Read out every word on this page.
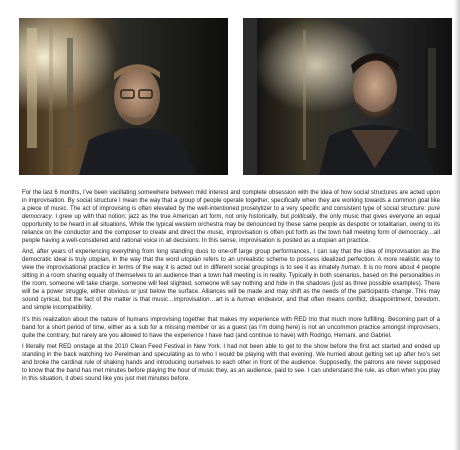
For the last 6 months, I’ve been vacillating somewhere between mild interest and complete obsession with the idea of how social structures are acted upon in improvisation. By social structure I mean the way that a group of people operate together, specifically when they are working towards a common goal like a piece of music. The act of improvising is often elevated by the well-intentioned proselytizer to a very specific and consistent type of social structure: pure democracy. I grew up with that notion; jazz as the true American art form, not only historically, but politically, the only music that gives everyone an equal opportunity to be heard in all situations. While the typical western orchestra may be denounced by these same people as despotic or totalitarian, owing to its reliance on the conductor and the composer to create and direct the music, improvisation is often put forth as the town hall meeting form of democracy…all people having a well-considered and rational voice in all decisions. In this sense, improvisation is posited as a utopian art practice.

And, after years of experiencing everything from long standing duos to one-off large group performances, I can say that the idea of improvisation as the democratic ideal is truly utopian, in the way that the word utopian refers to an unrealistic scheme to possess idealized perfection. A more realistic way to view the improvisational practice in terms of the way it is acted out in different social groupings is to see it as innately human. It is no more about 4 people sitting in a room sharing equally of themselves to an audience than a town hall meeting is in reality. Typically in both scenarios, based on the personalities in the room, someone will take charge, someone will feel slighted, someone will say nothing and hide in the shadows (just as three possible examples). There will be a power struggle, either obvious or just below the surface. Alliances will be made and may shift as the needs of the participants change. This may sound cynical, but the fact of the matter is that music…improvisation…art is a human endeavor, and that often means conflict, disappointment, boredom, and simple incompatibility.

It’s this realization about the nature of humans improvising together that makes my experience with RED trio that much more fulfilling. Becoming part of a band for a short period of time, either as a sub for a missing member or as a guest (as I’m doing here) is not an uncommon practice amongst improvisers, quite the contrary, but rarely are you allowed to have the experience I have had (and continue to have) with Rodrigo, Hernani, and Gabriel.

I literally met RED onstage at the 2010 Clean Feed Festival in New York. I had not been able to get to the show before the first act started and ended up standing in the back watching Ivo Perelman and speculating as to who I would be playing with that evening. We hurried about getting set up after Ivo’s set and broke the cardinal rule of shaking hands and introducing ourselves to each other in front of the audience. Supposedly, the patrons are never supposed to know that the band has met minutes before playing the hour of music they, as an audience, paid to see. I can understand the rule, as often when you play in this situation, it does sound like you just met minutes before.
